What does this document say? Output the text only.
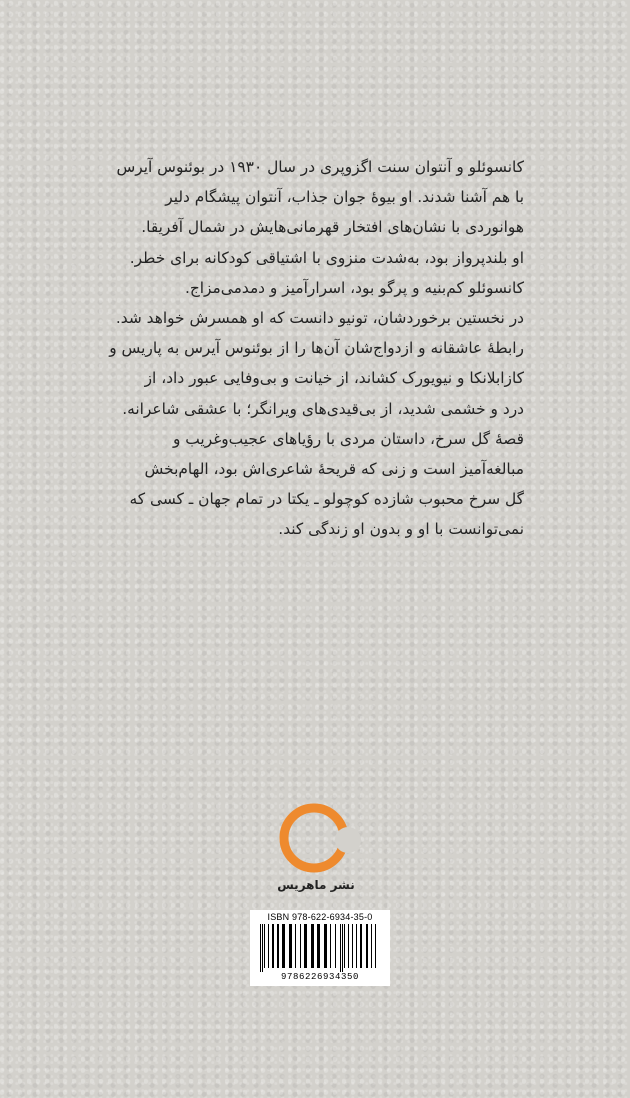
کانسوئلو و آنتوان سنت اگزوپری در سال ۱۹۳۰ در بوئنوس آیرس

با هم آشنا شدند. او بیوهٔ جوان جذاب، آنتوان پیشگام دلیر

هوانوردی با نشان‌های افتخار قهرمانی‌هایش در شمال آفریقا.

او بلندپرواز بود، به‌شدت منزوی با اشتیاقی کودکانه برای خطر.

کانسوئلو کم‌بنیه و پرگو بود، اسرارآمیز و دمدمی‌مزاج.

در نخستین برخوردشان، تونیو دانست که او همسرش خواهد شد.

رابطهٔ عاشقانه و ازدواج‌شان آن‌ها را از بوئنوس آیرس به پاریس و

کازابلانکا و نیویورک کشاند، از خیانت و بی‌وفایی عبور داد، از

درد و خشمی شدید، از بی‌قیدی‌های ویرانگر؛ با عشقی شاعرانه.

قصهٔ گل سرخ، داستان مردی با رؤیاهای عجیب‌وغریب و

مبالغه‌آمیز است و زنی که قریحهٔ شاعری‌اش بود، الهام‌بخش

گل سرخ محبوب شازده کوچولو ـ یکتا در تمام جهان ـ کسی که

نمی‌توانست با او و بدون او زندگی کند.

نشر ماهریس
ISBN 978-622-6934-35-0
9786226934350
